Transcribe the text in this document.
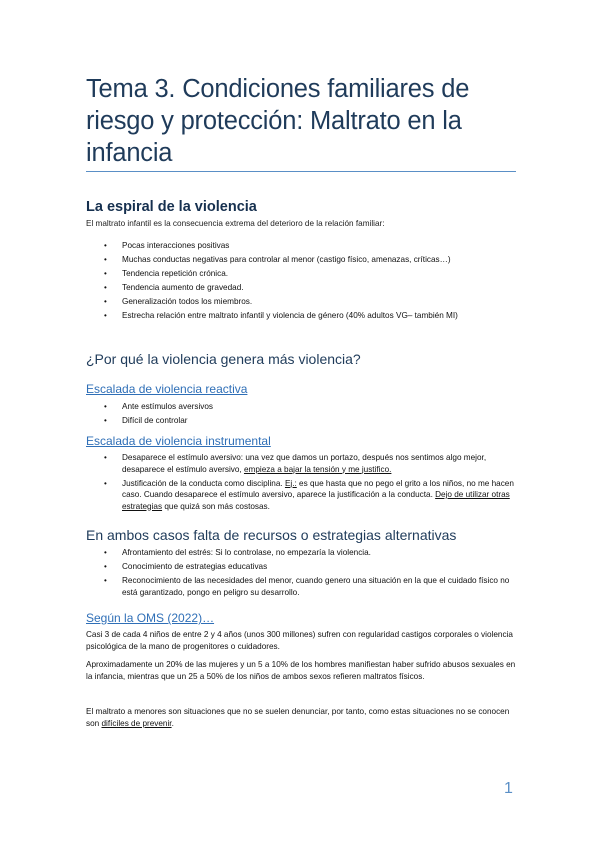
Tema 3. Condiciones familiares de riesgo y protección: Maltrato en la infancia
La espiral de la violencia
El maltrato infantil es la consecuencia extrema del deterioro de la relación familiar:
• Pocas interacciones positivas
• Muchas conductas negativas para controlar al menor (castigo físico, amenazas, críticas…)
• Tendencia repetición crónica.
• Tendencia aumento de gravedad.
• Generalización todos los miembros.
• Estrecha relación entre maltrato infantil y violencia de género (40% adultos VG– también MI)
¿Por qué la violencia genera más violencia?
Escalada de violencia reactiva
• Ante estímulos aversivos
• Difícil de controlar
Escalada de violencia instrumental
• Desaparece el estímulo aversivo: una vez que damos un portazo, después nos sentimos algo mejor, desaparece el estímulo aversivo, empieza a bajar la tensión y me justifico.
• Justificación de la conducta como disciplina. Ej.: es que hasta que no pego el grito a los niños, no me hacen caso. Cuando desaparece el estímulo aversivo, aparece la justificación a la conducta. Dejo de utilizar otras estrategias que quizá son más costosas.
En ambos casos falta de recursos o estrategias alternativas
• Afrontamiento del estrés: Si lo controlase, no empezaría la violencia.
• Conocimiento de estrategias educativas
• Reconocimiento de las necesidades del menor, cuando genero una situación en la que el cuidado físico no está garantizado, pongo en peligro su desarrollo.
Según la OMS (2022)…
Casi 3 de cada 4 niños de entre 2 y 4 años (unos 300 millones) sufren con regularidad castigos corporales o violencia psicológica de la mano de progenitores o cuidadores.
Aproximadamente un 20% de las mujeres y un 5 a 10% de los hombres manifiestan haber sufrido abusos sexuales en la infancia, mientras que un 25 a 50% de los niños de ambos sexos refieren maltratos físicos.
El maltrato a menores son situaciones que no se suelen denunciar, por tanto, como estas situaciones no se conocen son difíciles de prevenir.
1
